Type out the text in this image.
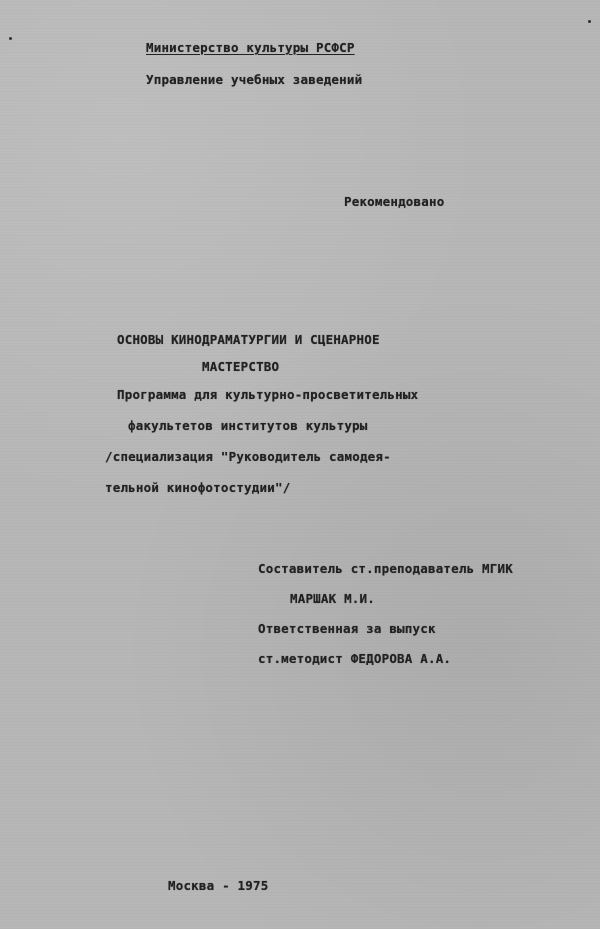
Министерство культуры РСФСР
Управление учебных заведений
Рекомендовано
ОСНОВЫ КИНОДРАМАТУРГИИ И СЦЕНАРНОЕ
МАСТЕРСТВО
Программа для культурно-просветительных
факультетов институтов культуры
/специализация "Руководитель самодея-
тельной кинофотостудии"/
Составитель ст.преподаватель МГИК
МАРШАК М.И.
Ответственная за выпуск
ст.методист ФЕДОРОВА А.А.
Москва - 1975
